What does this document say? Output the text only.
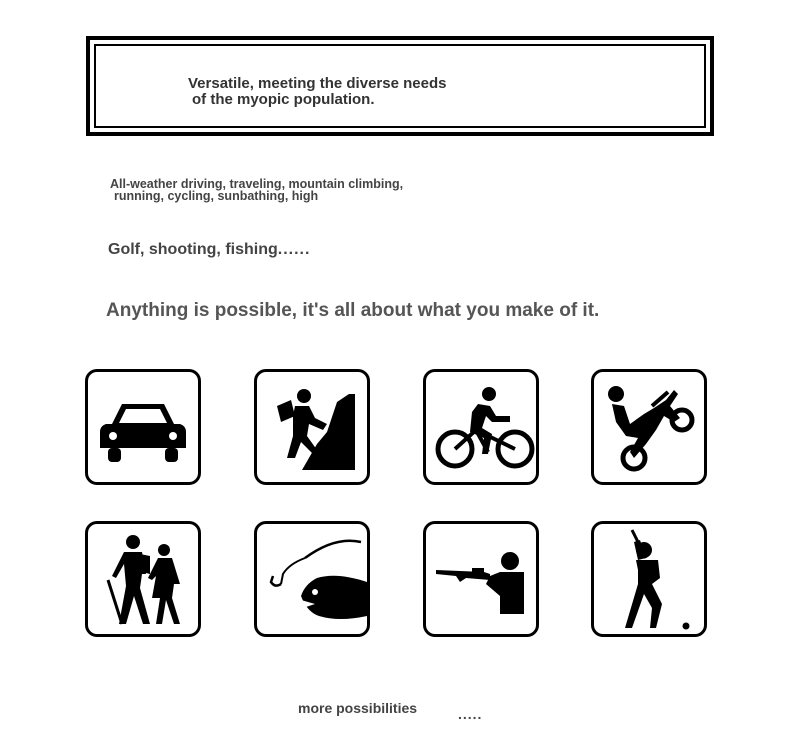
Versatile, meeting the diverse needs
of the myopic population.

All-weather driving, traveling, mountain climbing,
running, cycling, sunbathing, high
Golf, shooting, fishing......
Anything is possible, it's all about what you make of it.
more possibilities	.....
